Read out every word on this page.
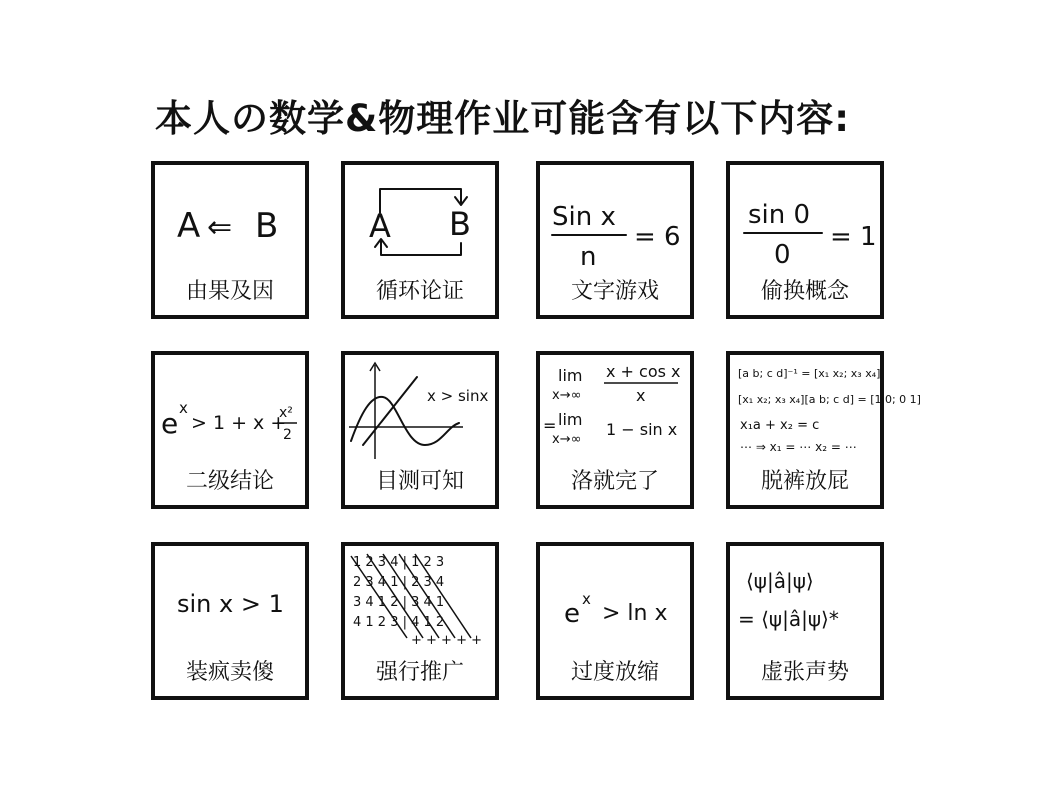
本人の数学&物理作业可能含有以下内容:
A ⇐ B
由果及因
A B
循环论证
Sin x
n
= 6
文字游戏
sin 0
0
= 1
偷换概念
e x
> 1 + x +
x²
2
二级结论
x > sinx
目测可知
lim
x→∞
x + cos x
x
= lim
x→∞
1 − sin x
洛就完了
[a b; c d]⁻¹ = [x₁ x₂; x₃ x₄]
[x₁ x₂; x₃ x₄][a b; c d] = [1 0; 0 1]
x₁a + x₂ = c
⋯ ⇒ x₁ = ⋯ x₂ = ⋯
脱裤放屁
sin x > 1
装疯卖傻
1 2 3 4 | 1 2 3
2 3 4 1 | 2 3 4
3 4 1 2 | 3 4 1
4 1 2 3 | 4 1 2
+ + + + +
强行推广
e x
> ln x
过度放缩
⟨ψ|â|ψ⟩
= ⟨ψ|â|ψ⟩*
虚张声势
